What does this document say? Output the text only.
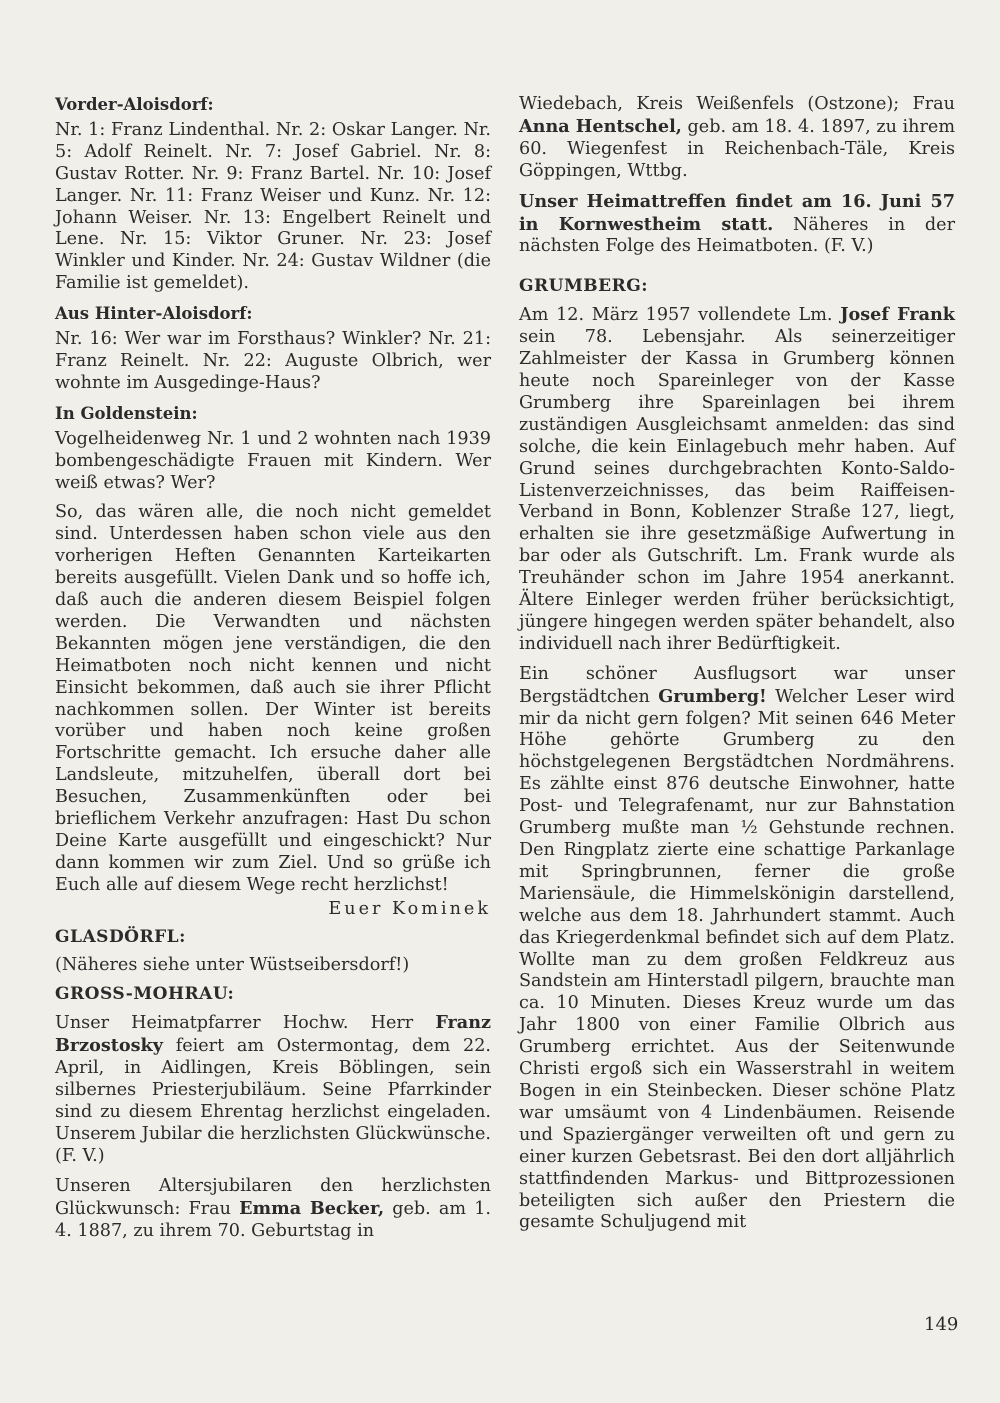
Vorder-Aloisdorf:

Nr. 1: Franz Lindenthal. Nr. 2: Oskar Langer. Nr. 5: Adolf Reinelt. Nr. 7: Josef Gabriel. Nr. 8: Gustav Rotter. Nr. 9: Franz Bartel. Nr. 10: Josef Langer. Nr. 11: Franz Weiser und Kunz. Nr. 12: Johann Weiser. Nr. 13: Engelbert Reinelt und Lene. Nr. 15: Viktor Gruner. Nr. 23: Josef Winkler und Kinder. Nr. 24: Gustav Wildner (die Familie ist gemeldet).

Aus Hinter-Aloisdorf:

Nr. 16: Wer war im Forsthaus? Winkler? Nr. 21: Franz Reinelt. Nr. 22: Auguste Olbrich, wer wohnte im Ausgedinge-Haus?

In Goldenstein:

Vogelheidenweg Nr. 1 und 2 wohnten nach 1939 bombengeschädigte Frauen mit Kindern. Wer weiß etwas? Wer?

So, das wären alle, die noch nicht gemeldet sind. Unterdessen haben schon viele aus den vorherigen Heften Genannten Karteikarten bereits ausgefüllt. Vielen Dank und so hoffe ich, daß auch die anderen diesem Beispiel folgen werden. Die Verwandten und nächsten Bekannten mögen jene verständigen, die den Heimatboten noch nicht kennen und nicht Einsicht bekommen, daß auch sie ihrer Pflicht nachkommen sollen. Der Winter ist bereits vorüber und haben noch keine großen Fortschritte gemacht. Ich ersuche daher alle Landsleute, mitzuhelfen, überall dort bei Besuchen, Zusammenkünften oder bei brieflichem Verkehr anzufragen: Hast Du schon Deine Karte ausgefüllt und eingeschickt? Nur dann kommen wir zum Ziel. Und so grüße ich Euch alle auf diesem Wege recht herzlichst!

Euer Kominek
GLASDÖRFL:

(Näheres siehe unter Wüstseibersdorf!)

GROSS-MOHRAU:

Unser Heimatpfarrer Hochw. Herr Franz Brzostosky feiert am Ostermontag, dem 22. April, in Aidlingen, Kreis Böblingen, sein silbernes Priesterjubiläum. Seine Pfarrkinder sind zu diesem Ehrentag herzlichst eingeladen. Unserem Jubilar die herzlichsten Glückwünsche. (F. V.)

Unseren Altersjubilaren den herzlichsten Glückwunsch: Frau Emma Becker, geb. am 1. 4. 1887, zu ihrem 70. Geburtstag in

Wiedebach, Kreis Weißenfels (Ostzone); Frau Anna Hentschel, geb. am 18. 4. 1897, zu ihrem 60. Wiegenfest in Reichenbach-Täle, Kreis Göppingen, Wttbg.

Unser Heimattreffen findet am 16. Juni 57 in Kornwestheim statt. Näheres in der nächsten Folge des Heimatboten. (F. V.)

GRUMBERG:

Am 12. März 1957 vollendete Lm. Josef Frank sein 78. Lebensjahr. Als seinerzeitiger Zahlmeister der Kassa in Grumberg können heute noch Spareinleger von der Kasse Grumberg ihre Spareinlagen bei ihrem zuständigen Ausgleichsamt anmelden: das sind solche, die kein Einlagebuch mehr haben. Auf Grund seines durchgebrachten Konto-Saldo-Listenverzeichnisses, das beim Raiffeisen-Verband in Bonn, Koblenzer Straße 127, liegt, erhalten sie ihre gesetzmäßige Aufwertung in bar oder als Gutschrift. Lm. Frank wurde als Treuhänder schon im Jahre 1954 anerkannt. Ältere Einleger werden früher berücksichtigt, jüngere hingegen werden später behandelt, also individuell nach ihrer Bedürftigkeit.

Ein schöner Ausflugsort war unser Bergstädtchen Grumberg! Welcher Leser wird mir da nicht gern folgen? Mit seinen 646 Meter Höhe gehörte Grumberg zu den höchstgelegenen Bergstädtchen Nordmährens. Es zählte einst 876 deutsche Einwohner, hatte Post- und Telegrafenamt, nur zur Bahnstation Grumberg mußte man ½ Gehstunde rechnen. Den Ringplatz zierte eine schattige Parkanlage mit Springbrunnen, ferner die große Mariensäule, die Himmelskönigin darstellend, welche aus dem 18. Jahrhundert stammt. Auch das Kriegerdenkmal befindet sich auf dem Platz. Wollte man zu dem großen Feldkreuz aus Sandstein am Hinterstadl pilgern, brauchte man ca. 10 Minuten. Dieses Kreuz wurde um das Jahr 1800 von einer Familie Olbrich aus Grumberg errichtet. Aus der Seitenwunde Christi ergoß sich ein Wasserstrahl in weitem Bogen in ein Steinbecken. Dieser schöne Platz war umsäumt von 4 Lindenbäumen. Reisende und Spaziergänger verweilten oft und gern zu einer kurzen Gebetsrast. Bei den dort alljährlich stattfindenden Markus- und Bittprozessionen beteiligten sich außer den Priestern die gesamte Schuljugend mit

149
